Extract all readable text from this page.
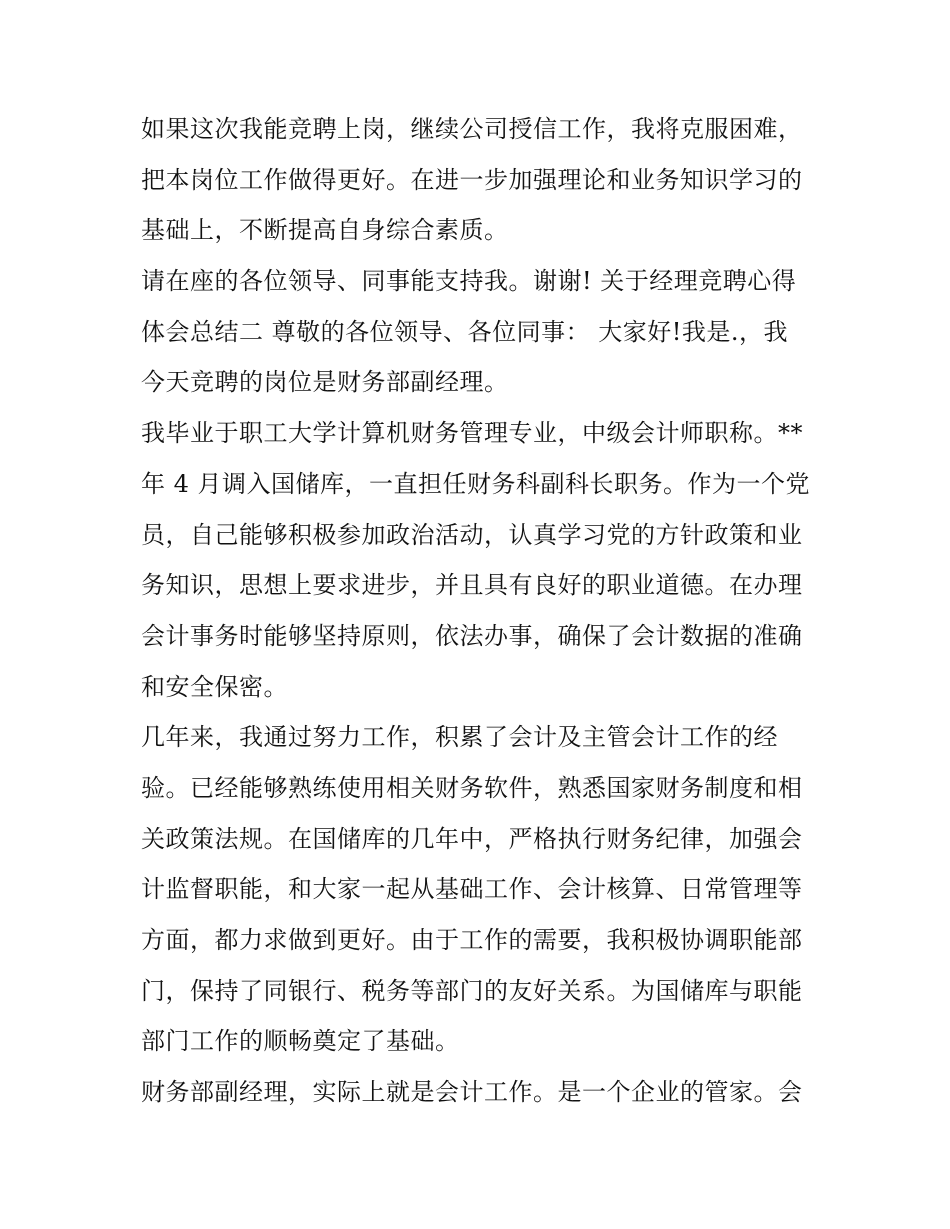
如果这次我能竞聘上岗，继续公司授信工作，我将克服困难，
把本岗位工作做得更好。在进一步加强理论和业务知识学习的
基础上，不断提高自身综合素质。
请在座的各位领导、同事能支持我。谢谢! 关于经理竞聘心得
体会总结二 尊敬的各位领导、各位同事： 大家好!我是.，我
今天竞聘的岗位是财务部副经理。
我毕业于职工大学计算机财务管理专业，中级会计师职称。**
年 4 月调入国储库，一直担任财务科副科长职务。作为一个党
员，自己能够积极参加政治活动，认真学习党的方针政策和业
务知识，思想上要求进步，并且具有良好的职业道德。在办理
会计事务时能够坚持原则，依法办事，确保了会计数据的准确
和安全保密。
几年来，我通过努力工作，积累了会计及主管会计工作的经
验。已经能够熟练使用相关财务软件，熟悉国家财务制度和相
关政策法规。在国储库的几年中，严格执行财务纪律，加强会
计监督职能，和大家一起从基础工作、会计核算、日常管理等
方面，都力求做到更好。由于工作的需要，我积极协调职能部
门，保持了同银行、税务等部门的友好关系。为国储库与职能
部门工作的顺畅奠定了基础。
财务部副经理，实际上就是会计工作。是一个企业的管家。会
